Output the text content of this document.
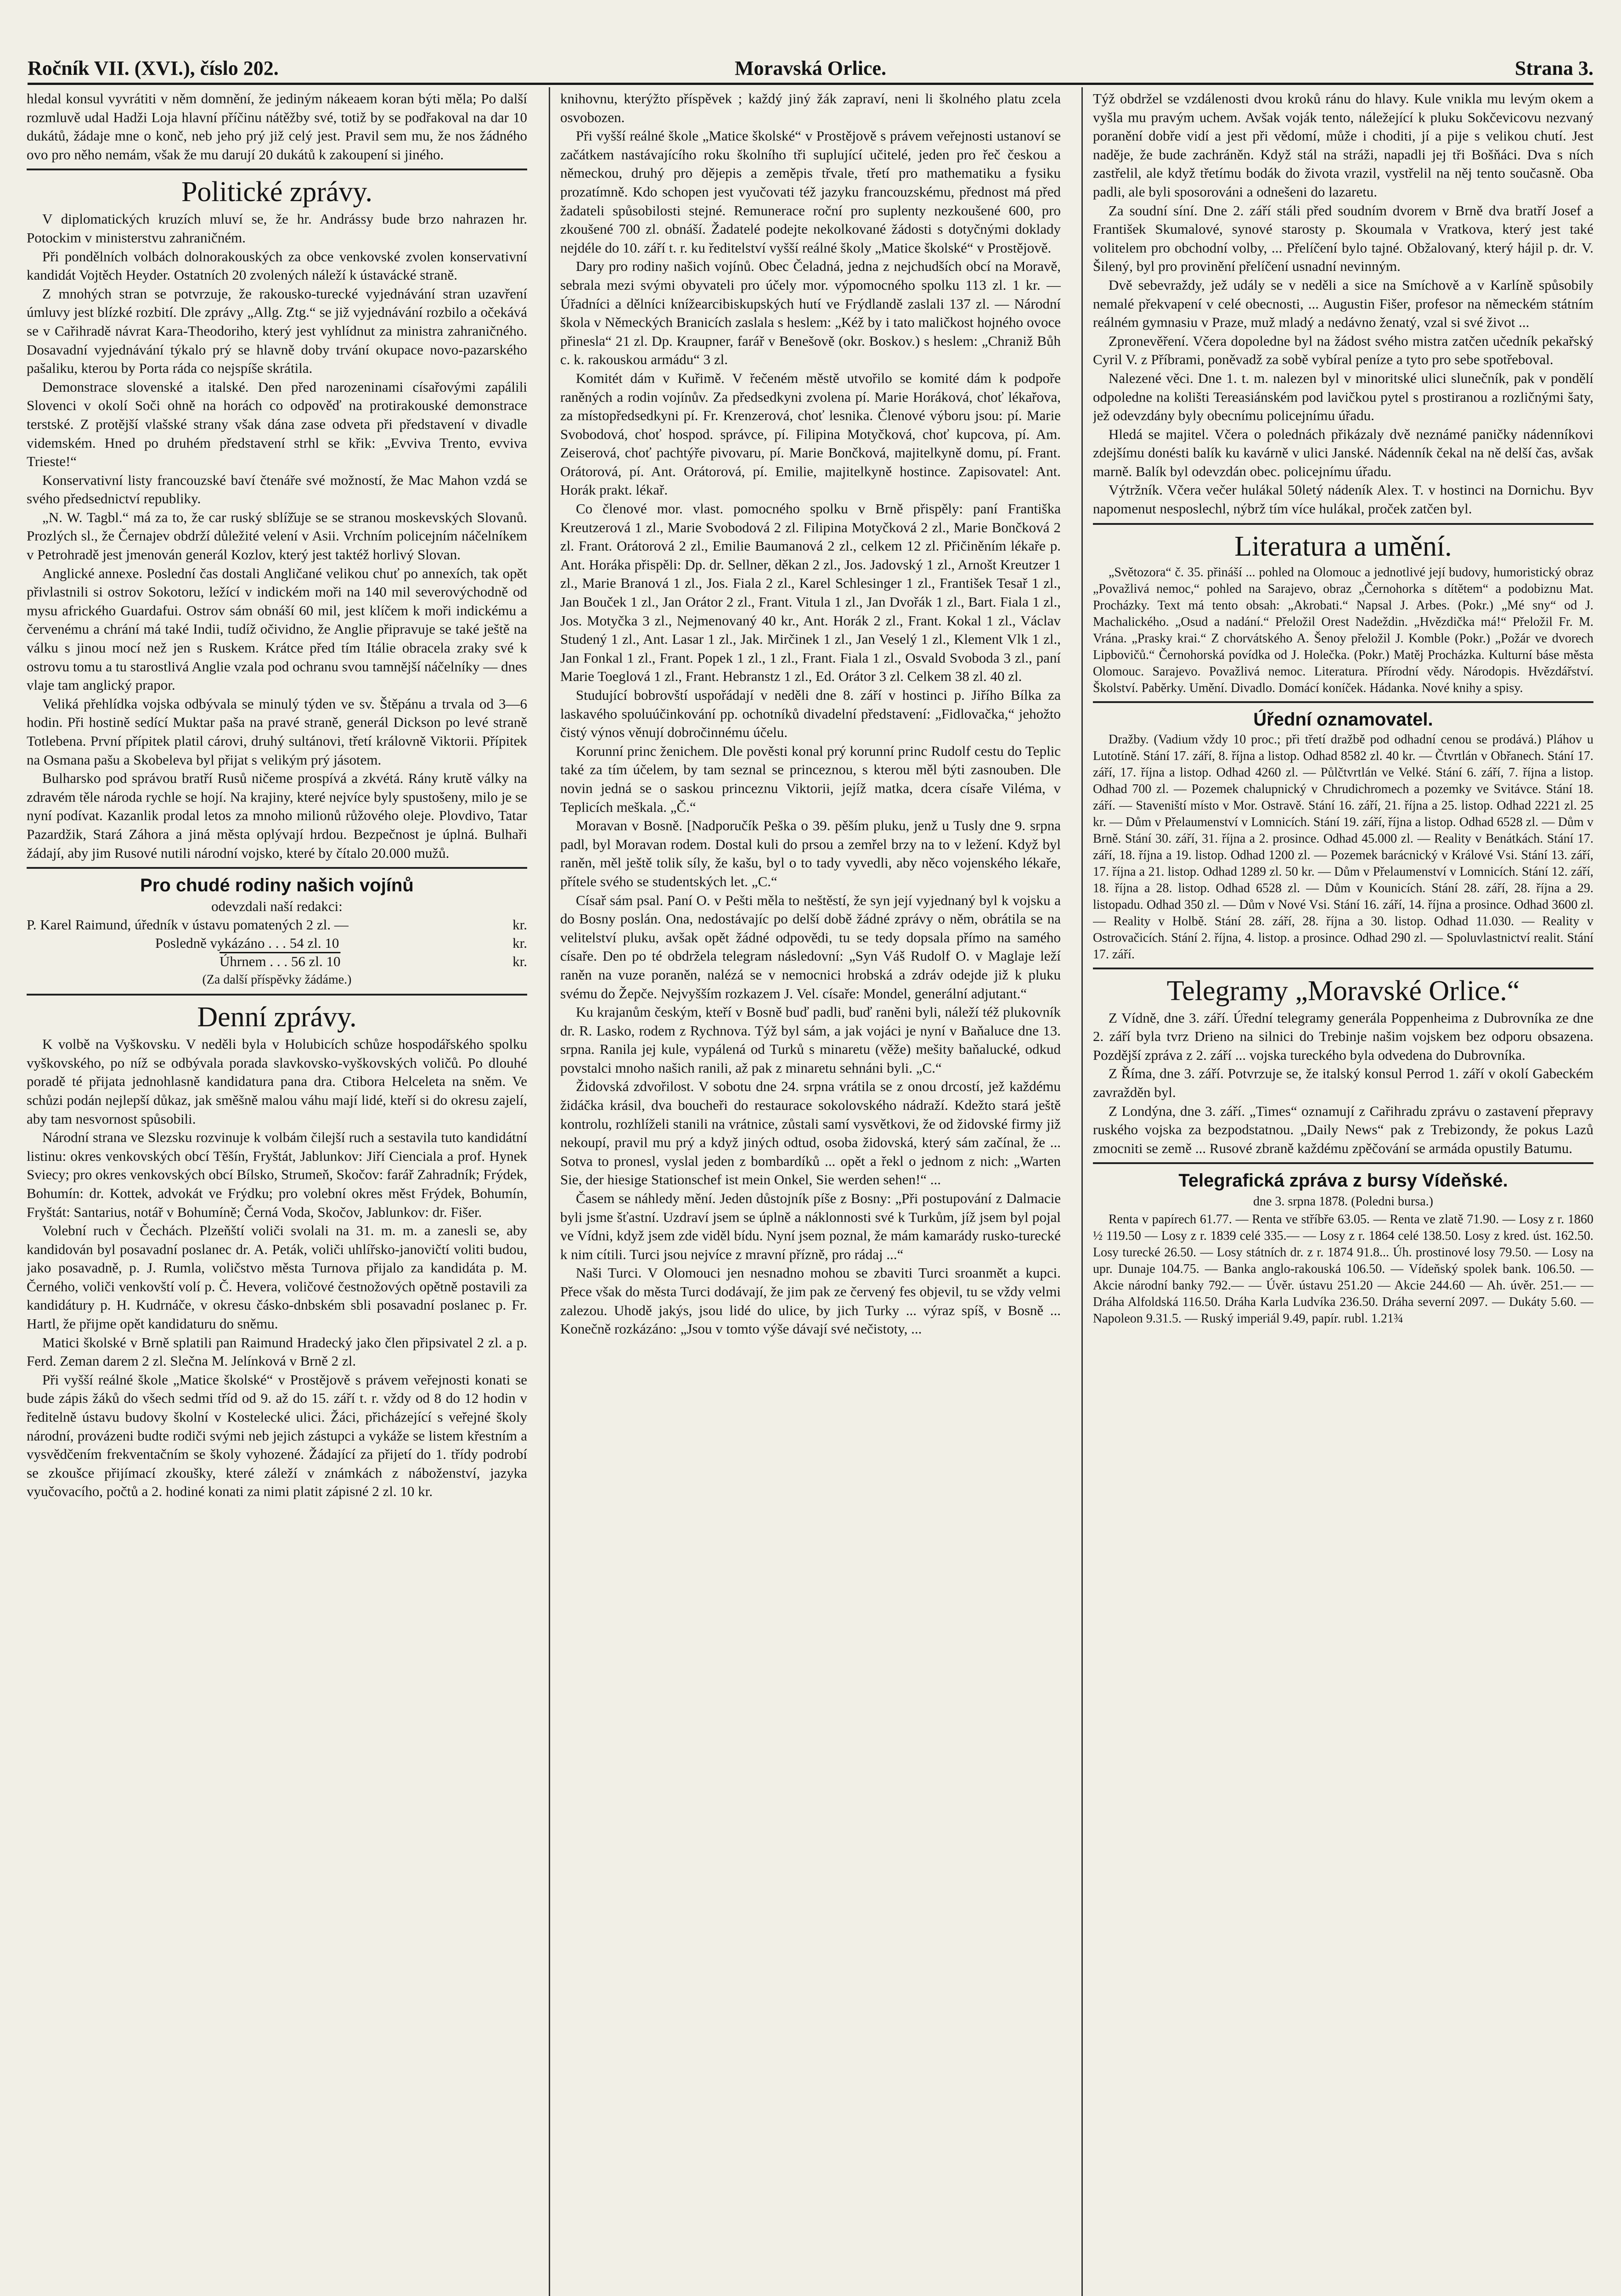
Ročník VII. (XVI.), číslo 202.	Moravská Orlice.	Strana 3.

hledal konsul vyvrátiti v něm domnění, že jediným nákeaem koran býti měla; Po další rozmluvě udal Hadži Loja hlavní příčinu nátěžby své, totiž by se podřakoval na dar 10 dukátů, žádaje mne o konč, neb jeho prý již celý jest. Pravil sem mu, že nos žádného ovo pro něho nemám, však že mu darují 20 dukátů k zakoupení si jiného.

Politické zprávy.

V diplomatických kruzích mluví se, že hr. Andrássy bude brzo nahrazen hr. Potockim v ministerstvu zahraničném.

Při pondělních volbách dolnorakouských za obce venkovské zvolen konservativní kandidát Vojtěch Heyder. Ostatních 20 zvolených náleží k ústavácké straně.

Z mnohých stran se potvrzuje, že rakousko-turecké vyjednávání stran uzavření úmluvy jest blízké rozbití. Dle zprávy „Allg. Ztg.“ se již vyjednávání rozbilo a očekává se v Cařihradě návrat Kara-Theodoriho, který jest vyhlídnut za ministra zahraničného. Dosavadní vyjednávání týkalo prý se hlavně doby trvání okupace novo-pazarského pašaliku, kterou by Porta ráda co nejspíše skrátila.

Demonstrace slovenské a italské. Den před narozeninami císařovými zapálili Slovenci v okolí Soči ohně na horách co odpověď na protirakouské demonstrace terstské. Z protější vlašské strany však dána zase odveta při představení v divadle videmském. Hned po druhém představení strhl se křik: „Evviva Trento, evviva Trieste!“

Konservativní listy francouzské baví čtenáře své možností, že Mac Mahon vzdá se svého předsednictví republiky.

„N. W. Tagbl.“ má za to, že car ruský sblíž̌uje se se stranou moskevských Slovanů. Prozlých sl., že Černajev obdrží důležité velení v Asii. Vrchním policejním náčelníkem v Petrohradě jest jmenován generál Kozlov, který jest taktéž horlivý Slovan.

Anglické annexe. Poslední čas dostali Angličané velikou chuť po annexích, tak opět přivlastnili si ostrov Sokotoru, ležící v indickém moři na 140 mil severovýchodně od mysu afrického Guardafui. Ostrov sám obnáší 60 mil, jest klíčem k moři indickému a červenému a chrání má také Indii, tudíž očividno, že Anglie připravuje se také ještě na válku s jinou mocí než jen s Ruskem. Krátce před tím Itálie obracela zraky své k ostrovu tomu a tu starostlivá Anglie vzala pod ochranu svou tamnější náčelníky — dnes vlaje tam anglický prapor.

Veliká přehlídka vojska odbývala se minulý týden ve sv. Štěpánu a trvala od 3—6 hodin. Při hostině sedící Muktar paša na pravé straně, generál Dickson po levé straně Totlebena. První přípitek platil cárovi, druhý sultánovi, třetí královně Viktorii. Přípitek na Osmana pašu a Skobeleva byl přijat s velikým prý jásotem.

Bulharsko pod správou bratří Rusů ničeme prospívá a zkvétá. Rány krutě války na zdravém těle národa rychle se hojí. Na krajiny, které nejvíce byly spustošeny, milo je se nyní podívat. Kazanlik prodal letos za mnoho milionů růžového oleje. Plovdivo, Tatar Pazardžik, Stará Záhora a jiná města oplývají hrdou. Bezpečnost je úplná. Bulhaři žádají, aby jim Rusové nutili národní vojsko, které by čítalo 20.000 mužů.

Pro chudé rodiny našich vojínů
odevzdali naší redakci:
P. Karel Raimund, úředník v ústavu pomatených 2 zl. —	kr.
Posledně vykázáno . . . 54 zl. 10	kr.
Úhrnem . . . 56 zl. 10	kr.
(Za další příspěvky žádáme.)
Denní zprávy.

K volbě na Vyškovsku. V neděli byla v Holubicích schůze hospodářského spolku vyškovského, po níž se odbývala porada slavkovsko-vyškovských voličů. Po dlouhé poradě té přijata jednohlasně kandidatura pana dra. Ctibora Helceleta na sněm. Ve schůzi podán nejlepší důkaz, jak směšně malou váhu mají lidé, kteří si do okresu zajelí, aby tam nesvornost spůsobili.

Národní strana ve Slezsku rozvinuje k volbám čilejší ruch a sestavila tuto kandidátní listinu: okres venkovských obcí Těšín, Fryštát, Jablunkov: Jiří Cienciala a prof. Hynek Sviecy; pro okres venkovských obcí Bílsko, Strumeň, Skočov: farář Zahradník; Frýdek, Bohumín: dr. Kottek, advokát ve Frýdku; pro volební okres měst Frýdek, Bohumín, Fryštát: Santarius, notář v Bohumíně; Černá Voda, Skočov, Jablunkov: dr. Fišer.

Volební ruch v Čechách. Plzeňští voliči svolali na 31. m. m. a zanesli se, aby kandidován byl posavadní poslanec dr. A. Peták, voliči uhlířsko-janovičtí voliti budou, jako posavadně, p. J. Rumla, voličstvo města Turnova přijalo za kandidáta p. M. Černého, voliči venkovští volí p. Č. Hevera, voličové čestnožových opětně postavili za kandidátury p. H. Kudrnáče, v okresu čásko-dnbském sbli posavadní poslanec p. Fr. Hartl, že přijme opět kandidaturu do sněmu.

Matici školské v Brně splatili pan Raimund Hradecký jako člen připsivatel 2 zl. a p. Ferd. Zeman darem 2 zl. Slečna M. Jelínková v Brně 2 zl.

Při vyšší reálné škole „Matice školské“ v Prostějově s právem veřejnosti konati se bude zápis žáků do všech sedmi tříd od 9. až do 15. září t. r. vždy od 8 do 12 hodin v ředitelně ústavu budovy školní v Kostelecké ulici. Žáci, přicházející s veřejné školy národní, provázeni budte rodiči svými neb jejich zástupci a vykáže se listem křestním a vysvědčením frekventačním se školy vyhozené. Žádající za přijetí do 1. třídy podrobí se zkoušce přijímací zkoušky, které záleží v známkách z náboženství, jazyka vyučovacího, počtů a 2. hodiné konati za nimi platit zápisné 2 zl. 10 kr.

knihovnu, kterýžto příspěvek ; každý jiný žák zapraví, neni li školného platu zcela osvobozen.

Při vyšší reálné škole „Matice školské“ v Prostějově s právem veřejnosti ustanoví se začátkem nastávajícího roku školního tři suplující učitelé, jeden pro řeč českou a německou, druhý pro dějepis a zeměpis třvale, třetí pro mathematiku a fysiku prozatímně. Kdo schopen jest vyučovati též jazyku francouzskému, přednost má před žadateli spůsobilosti stejné. Remunerace roční pro suplenty nezkoušené 600, pro zkoušené 700 zl. obnáší. Žadatelé podejte nekolkované žádosti s dotyčnými doklady nejdéle do 10. září t. r. ku ředitelství vyšší reálné školy „Matice školské“ v Prostějově.

Dary pro rodiny našich vojínů. Obec Čeladná, jedna z nejchudších obcí na Moravě, sebrala mezi svými obyvateli pro účely mor. výpomocného spolku 113 zl. 1 kr. — Úřadníci a dělníci knížearcibiskupských hutí ve Frýdlandě zaslali 137 zl. — Národní škola v Německých Branicích zaslala s heslem: „Kéž by i tato maličkost hojného ovoce přinesla“ 21 zl. Dp. Kraupner, farář v Benešově (okr. Boskov.) s heslem: „Chraniž Bůh c. k. rakouskou armádu“ 3 zl.

Komitét dám v Kuřimě. V řečeném městě utvořilo se komité dám k podpoře raněných a rodin vojínův. Za předsedkyni zvolena pí. Marie Horáková, choť lékařova, za místopředsedkyni pí. Fr. Krenzerová, choť lesnika. Členové výboru jsou: pí. Marie Svobodová, choť hospod. správce, pí. Filipina Motyčková, choť kupcova, pí. Am. Zeiserová, choť pachtýře pivovaru, pí. Marie Bončková, majitelkyně domu, pí. Frant. Orátorová, pí. Ant. Orátorová, pí. Emilie, majitelkyně hostince. Zapisovatel: Ant. Horák prakt. lékař.

Co členové mor. vlast. pomocného spolku v Brně přispěly: paní Františka Kreutzerová 1 zl., Marie Svobodová 2 zl. Filipina Motyčková 2 zl., Marie Bončková 2 zl. Frant. Orátorová 2 zl., Emilie Baumanová 2 zl., celkem 12 zl. Přičiněním lékaře p. Ant. Horáka přispěli: Dp. dr. Sellner, děkan 2 zl., Jos. Jadovský 1 zl., Arnošt Kreutzer 1 zl., Marie Branová 1 zl., Jos. Fiala 2 zl., Karel Schlesinger 1 zl., František Tesař 1 zl., Jan Bouček 1 zl., Jan Orátor 2 zl., Frant. Vitula 1 zl., Jan Dvořák 1 zl., Bart. Fiala 1 zl., Jos. Motyčka 3 zl., Nejmenovaný 40 kr., Ant. Horák 2 zl., Frant. Kokal 1 zl., Václav Studený 1 zl., Ant. Lasar 1 zl., Jak. Mirčinek 1 zl., Jan Veselý 1 zl., Klement Vlk 1 zl., Jan Fonkal 1 zl., Frant. Popek 1 zl., 1 zl., Frant. Fiala 1 zl., Osvald Svoboda 3 zl., paní Marie Toeglová 1 zl., Frant. Hebranstz 1 zl., Ed. Orátor 3 zl. Celkem 38 zl. 40 zl.

Studující bobrovští uspořádají v neděli dne 8. září v hostinci p. Jiřího Bílka za laskavého spoluúčinkování pp. ochotníků divadelní představení: „Fidlovačka,“ jehožto čistý výnos věnují dobročinnému účelu.

Korunní princ ženichem. Dle pověsti konal prý korunní princ Rudolf cestu do Teplic také za tím účelem, by tam seznal se princeznou, s kterou měl býti zasnouben. Dle novin jedná se o saskou princeznu Viktorii, jejíž matka, dcera císaře Viléma, v Teplicích meškala. „Č.“

Moravan v Bosně. [Nadporučík Peška o 39. pěším pluku, jenž u Tusly dne 9. srpna padl, byl Moravan rodem. Dostal kuli do prsou a zemřel brzy na to v ležení. Když byl raněn, měl ještě tolik síly, že kašu, byl o to tady vyvedli, aby něco vojenského lékaře, přítele svého se studentských let. „C.“

Císař sám psal. Paní O. v Pešti měla to neštěstí, že syn její vyjednaný byl k vojsku a do Bosny poslán. Ona, nedostávajíc po delší době žádné zprávy o něm, obrátila se na velitelství pluku, avšak opět žádné odpovědi, tu se tedy dopsala přímo na samého císaře. Den po té obdržela telegram následovní: „Syn Váš Rudolf O. v Maglaje leží raněn na vuze poraněn, nalézá se v nemocnici hrobská a zdráv odejde již k pluku svému do Žepče. Nejvyšším rozkazem J. Vel. císaře: Mondel, generální adjutant.“

Ku krajanům českým, kteří v Bosně buď padli, buď raněni byli, náleží též plukovník dr. R. Lasko, rodem z Rychnova. Týž byl sám, a jak vojáci je nyní v Baňaluce dne 13. srpna. Ranila jej kule, vypálená od Turků s minaretu (věže) mešity baňalucké, odkud povstalci mnoho našich ranili, až pak z minaretu sehnáni byli. „C.“

Židovská zdvořilost. V sobotu dne 24. srpna vrátila se z onou drcostí, jež každému židáčka krásil, dva boucheři do restaurace sokolovského nádraží. Kdežto stará ještě kontrolu, rozhlíželi stanili na vrátnice, zůstali samí vysvětkovi, že od židovské firmy již nekoupí, pravil mu prý a když jiných odtud, osoba židovská, který sám začínal, že ... Sotva to pronesl, vyslal jeden z bombardíků ... opět a řekl o jednom z nich: „Warten Sie, der hiesige Stationschef ist mein Onkel, Sie werden sehen!“ ...

Časem se náhledy mění. Jeden důstojník píše z Bosny: „Při postupování z Dalmacie byli jsme šťastní. Uzdraví jsem se úplně a náklonnosti své k Turkům, jíž jsem byl pojal ve Vídni, když jsem zde viděl bídu. Nyní jsem poznal, že mám kamarády rusko-turecké k nim cítili. Turci jsou nejvíce z mravní přízně, pro rádaj ...“

Naši Turci. V Olomouci jen nesnadno mohou se zbaviti Turci sroanmět a kupci. Přece však do města Turci dodávají, že jim pak ze červený fes objevil, tu se vždy velmi zalezou. Uhodě jakýs, jsou lidé do ulice, by jich Turky ... výraz spíš, v Bosně ... Konečně rozkázáno: „Jsou v tomto výše dávají své nečistoty, ...

Týž obdržel se vzdálenosti dvou kroků ránu do hlavy. Kule vnikla mu levým okem a vyšla mu pravým uchem. Avšak voják tento, náležející k pluku Sokčevicovu nezvaný poranění dobře vidí a jest při vědomí, může i choditi, jí a pije s velikou chutí. Jest naděje, že bude zachráněn. Když stál na stráži, napadli jej tři Bošňáci. Dva s ních zastřelil, ale když třetímu bodák do života vrazil, vystřelil na něj tento současně. Oba padli, ale byli sposorováni a odnešeni do lazaretu.

Za soudní síní. Dne 2. září stáli před soudním dvorem v Brně dva bratří Josef a František Skumalové, synové starosty p. Skoumala v Vratkova, který jest také volitelem pro obchodní volby, ... Přelíčení bylo tajné. Obžalovaný, který hájil p. dr. V. Šilený, byl pro provinění přelíčení usnadní nevinným.

Dvě sebevraždy, jež udály se v neděli a sice na Smíchově a v Karlíně spůsobily nemalé překvapení v celé obecnosti, ... Augustin Fišer, profesor na německém státním reálném gymnasiu v Praze, muž mladý a nedávno ženatý, vzal si své život ...

Zpronevěření. Včera dopoledne byl na žádost svého mistra zatčen učedník pekařský Cyril V. z Příbrami, poněvadž za sobě vybíral peníze a tyto pro sebe spotřeboval.

Nalezené věci. Dne 1. t. m. nalezen byl v minoritské ulici slunečník, pak v pondělí odpoledne na kolišti Tereasiánském pod lavičkou pytel s prostiranou a rozličnými šaty, jež odevzdány byly obecnímu policejnímu úřadu.

Hledá se majitel. Včera o polednách přikázaly dvě neznámé paničky nádenníkovi zdejšímu donésti balík ku kavárně v ulici Janské. Nádenník čekal na ně delší čas, avšak marně. Balík byl odevzdán obec. policejnímu úřadu.

Výtržník. Včera večer hulákal 50letý nádeník Alex. T. v hostinci na Dornichu. Byv napomenut nesposlechl, nýbrž tím více hulákal, proček zatčen byl.

Literatura a umění.

„Světozora“ č. 35. přináší ... pohled na Olomouc a jednotlivé její budovy, humoristický obraz „Považlivá nemoc,“ pohled na Sarajevo, obraz „Černohorka s dítětem“ a podobiznu Mat. Procházky. Text má tento obsah: „Akrobati.“ Napsal J. Arbes. (Pokr.) „Mé sny“ od J. Machalického. „Osud a nadání.“ Přeložil Orest Nadeždin. „Hvězdička má!“ Přeložil Fr. M. Vrána. „Prasky krai.“ Z chorvátského A. Šenoy přeložil J. Komble (Pokr.) „Požár ve dvorech Lipbovičů.“ Černohorská povídka od J. Holečka. (Pokr.) Matěj Procházka. Kulturní báse města Olomouc. Sarajevo. Považlivá nemoc. Literatura. Přírodní vědy. Národopis. Hvězdářství. Školství. Paběrky. Umění. Divadlo. Domácí koníček. Hádanka. Nové knihy a spisy.

Úřední oznamovatel.

Dražby. (Vadium vždy 10 proc.; při třetí dražbě pod odhadní cenou se prodává.) Pláhov u Lutotíně. Stání 17. září, 8. října a listop. Odhad 8582 zl. 40 kr. — Čtvrtlán v Obřanech. Stání 17. září, 17. října a listop. Odhad 4260 zl. — Půlčtvrtlán ve Velké. Stání 6. září, 7. října a listop. Odhad 700 zl. — Pozemek chalupnický v Chrudichromech a pozemky ve Svitávce. Stání 18. září. — Staveniští místo v Mor. Ostravě. Stání 16. září, 21. října a 25. listop. Odhad 2221 zl. 25 kr. — Dům v Přelaumenství v Lomnicích. Stání 19. září, října a listop. Odhad 6528 zl. — Dům v Brně. Stání 30. září, 31. října a 2. prosince. Odhad 45.000 zl. — Reality v Benátkách. Stání 17. září, 18. října a 19. listop. Odhad 1200 zl. — Pozemek barácnický v Králové Vsi. Stání 13. září, 17. října a 21. listop. Odhad 1289 zl. 50 kr. — Dům v Přelaumenství v Lomnicích. Stání 12. září, 18. října a 28. listop. Odhad 6528 zl. — Dům v Kounicích. Stání 28. září, 28. října a 29. listopadu. Odhad 350 zl. — Dům v Nové Vsi. Stání 16. září, 14. října a prosince. Odhad 3600 zl. — Reality v Holbě. Stání 28. září, 28. října a 30. listop. Odhad 11.030. — Reality v Ostrovačicích. Stání 2. října, 4. listop. a prosince. Odhad 290 zl. — Spoluvlastnictví realit. Stání 17. září.

Telegramy „Moravské Orlice.“

Z Vídně, dne 3. září. Úřední telegramy generála Poppenheima z Dubrovníka ze dne 2. září byla tvrz Drieno na silnici do Trebinje našim vojskem bez odporu obsazena. Pozdější zpráva z 2. září ... vojska tureckého byla odvedena do Dubrovníka.

Z Říma, dne 3. září. Potvrzuje se, že italský konsul Perrod 1. září v okolí Gabeckém zavražděn byl.

Z Londýna, dne 3. září. „Times“ oznamují z Cařihradu zprávu o zastavení přepravy ruského vojska za bezpodstatnou. „Daily News“ pak z Trebizondy, že pokus Lazů zmocniti se země ... Rusové zbraně každému zpěčování se armáda opustily Batumu.

Telegrafická zpráva z bursy Vídeňské.
dne 3. srpna 1878. (Poledni bursa.)

Renta v papírech 61.77. — Renta ve stříbře 63.05. — Renta ve zlatě 71.90. — Losy z r. 1860 ½ 119.50 — Losy z r. 1839 celé 335.— — Losy z r. 1864 celé 138.50. Losy z kred. úst. 162.50. Losy turecké 26.50. — Losy státních dr. z r. 1874 91.8... Úh. prostinové losy 79.50. — Losy na upr. Dunaje 104.75. — Banka anglo-rakouská 106.50. — Vídeňský spolek bank. 106.50. — Akcie národní banky 792.— — Úvěr. ústavu 251.20 — Akcie 244.60 — Ah. úvěr. 251.— — Dráha Alfoldská 116.50. Dráha Karla Ludvíka 236.50. Dráha severní 2097. — Dukáty 5.60. — Napoleon 9.31.5. — Ruský imperiál 9.49, papír. rubl. 1.21¾
